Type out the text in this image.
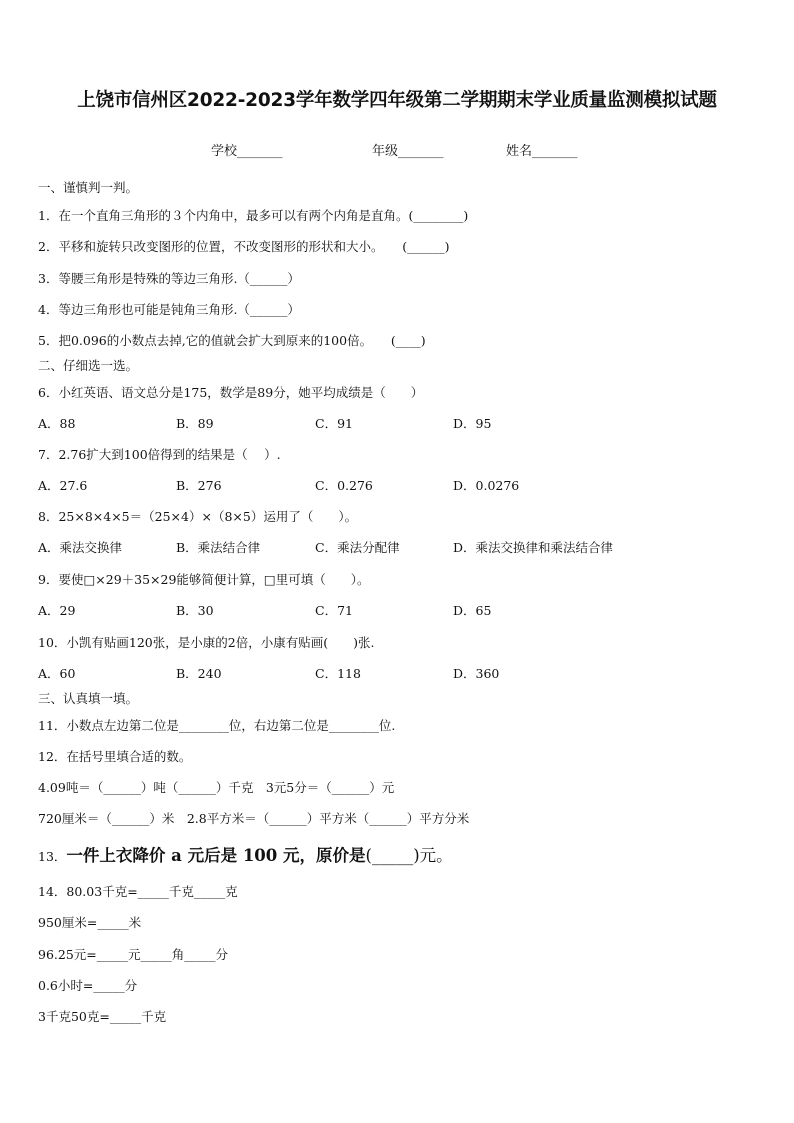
上饶市信州区2022-2023学年数学四年级第二学期期末学业质量监测模拟试题
学校_______	年级_______	姓名_______
一、谨慎判一判。
1．在一个直角三角形的３个内角中，最多可以有两个内角是直角。(________)
2．平移和旋转只改变图形的位置，不改变图形的形状和大小。　　(______)
3．等腰三角形是特殊的等边三角形.（______）
4．等边三角形也可能是钝角三角形.（______）
5．把0.096的小数点去掉,它的值就会扩大到原来的100倍。　　(____)
二、仔细选一选。
6．小红英语、语文总分是175，数学是89分，她平均成绩是（　　）
A．88	B．89	C．91	D．95
7．2.76扩大到100倍得到的结果是（　 ）.
A．27.6	B．276	C．0.276	D．0.0276
8．25×8×4×5＝（25×4）×（8×5）运用了（　　）。
A．乘法交换律	B．乘法结合律	C．乘法分配律	D．乘法交换律和乘法结合律
9．要使□×29＋35×29能够简便计算，□里可填（　　）。
A．29	B．30	C．71	D．65
10．小凯有贴画120张，是小康的2倍，小康有贴画(　　)张.
A．60	B．240	C．118	D．360
三、认真填一填。
11．小数点左边第二位是________位，右边第二位是________位.
12．在括号里填合适的数。
4.09吨＝（______）吨（______）千克　3元5分＝（______）元
720厘米＝（______）米　2.8平方米＝（______）平方米（______）平方分米
13．一件上衣降价 a 元后是 100 元，原价是(_____)元。
14．80.03千克=_____千克_____克
950厘米=_____米
96.25元=_____元_____角_____分
0.6小时=_____分
3千克50克=_____千克
